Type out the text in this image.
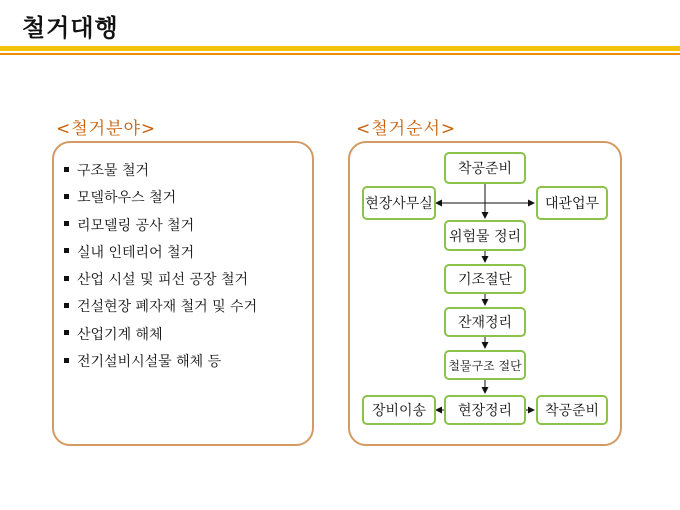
철거대행
<철거분야>
구조물 철거
모델하우스 철거
리모델링 공사 철거
실내 인테리어 철거
산업 시설 및 피선 공장 철거
건설현장 폐자재 철거 및 수거
산업기계 해체
전기설비시설물 해체 등
<철거순서>
착공준비
현장사무실	대관업무
위험물 정리
기조절단
잔재정리
철물구조 절단
현장정리
장비이송	착공준비
